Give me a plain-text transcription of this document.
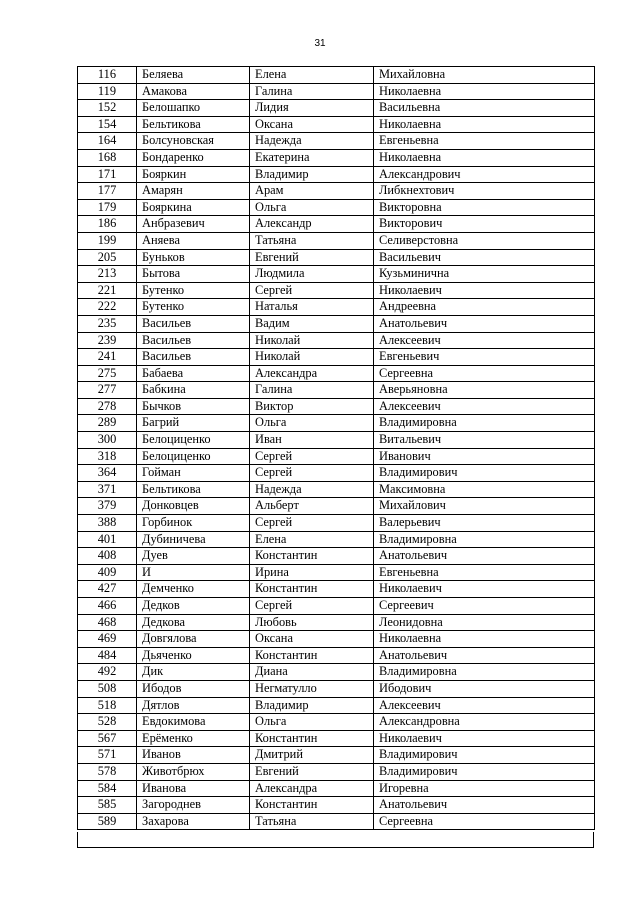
31
116	Беляева	Елена	Михайловна
119	Амакова	Галина	Николаевна
152	Белошапко	Лидия	Васильевна
154	Бельтикова	Оксана	Николаевна
164	Болсуновская	Надежда	Евгеньевна
168	Бондаренко	Екатерина	Николаевна
171	Бояркин	Владимир	Александрович
177	Амарян	Арам	Либкнехтович
179	Бояркина	Ольга	Викторовна
186	Анбразевич	Александр	Викторович
199	Аняева	Татьяна	Селиверстовна
205	Буньков	Евгений	Васильевич
213	Бытова	Людмила	Кузьминична
221	Бутенко	Сергей	Николаевич
222	Бутенко	Наталья	Андреевна
235	Васильев	Вадим	Анатольевич
239	Васильев	Николай	Алексеевич
241	Васильев	Николай	Евгеньевич
275	Бабаева	Александра	Сергеевна
277	Бабкина	Галина	Аверьяновна
278	Бычков	Виктор	Алексеевич
289	Багрий	Ольга	Владимировна
300	Белоциценко	Иван	Витальевич
318	Белоциценко	Сергей	Иванович
364	Гойман	Сергей	Владимирович
371	Бельтикова	Надежда	Максимовна
379	Донковцев	Альберт	Михайлович
388	Горбинок	Сергей	Валерьевич
401	Дубиничева	Елена	Владимировна
408	Дуев	Константин	Анатольевич
409	И	Ирина	Евгеньевна
427	Демченко	Константин	Николаевич
466	Дедков	Сергей	Сергеевич
468	Дедкова	Любовь	Леонидовна
469	Довгялова	Оксана	Николаевна
484	Дьяченко	Константин	Анатольевич
492	Дик	Диана	Владимировна
508	Ибодов	Негматулло	Ибодович
518	Дятлов	Владимир	Алексеевич
528	Евдокимова	Ольга	Александровна
567	Ерёменко	Константин	Николаевич
571	Иванов	Дмитрий	Владимирович
578	Животбрюх	Евгений	Владимирович
584	Иванова	Александра	Игоревна
585	Загороднев	Константин	Анатольевич
589	Захарова	Татьяна	Сергеевна
